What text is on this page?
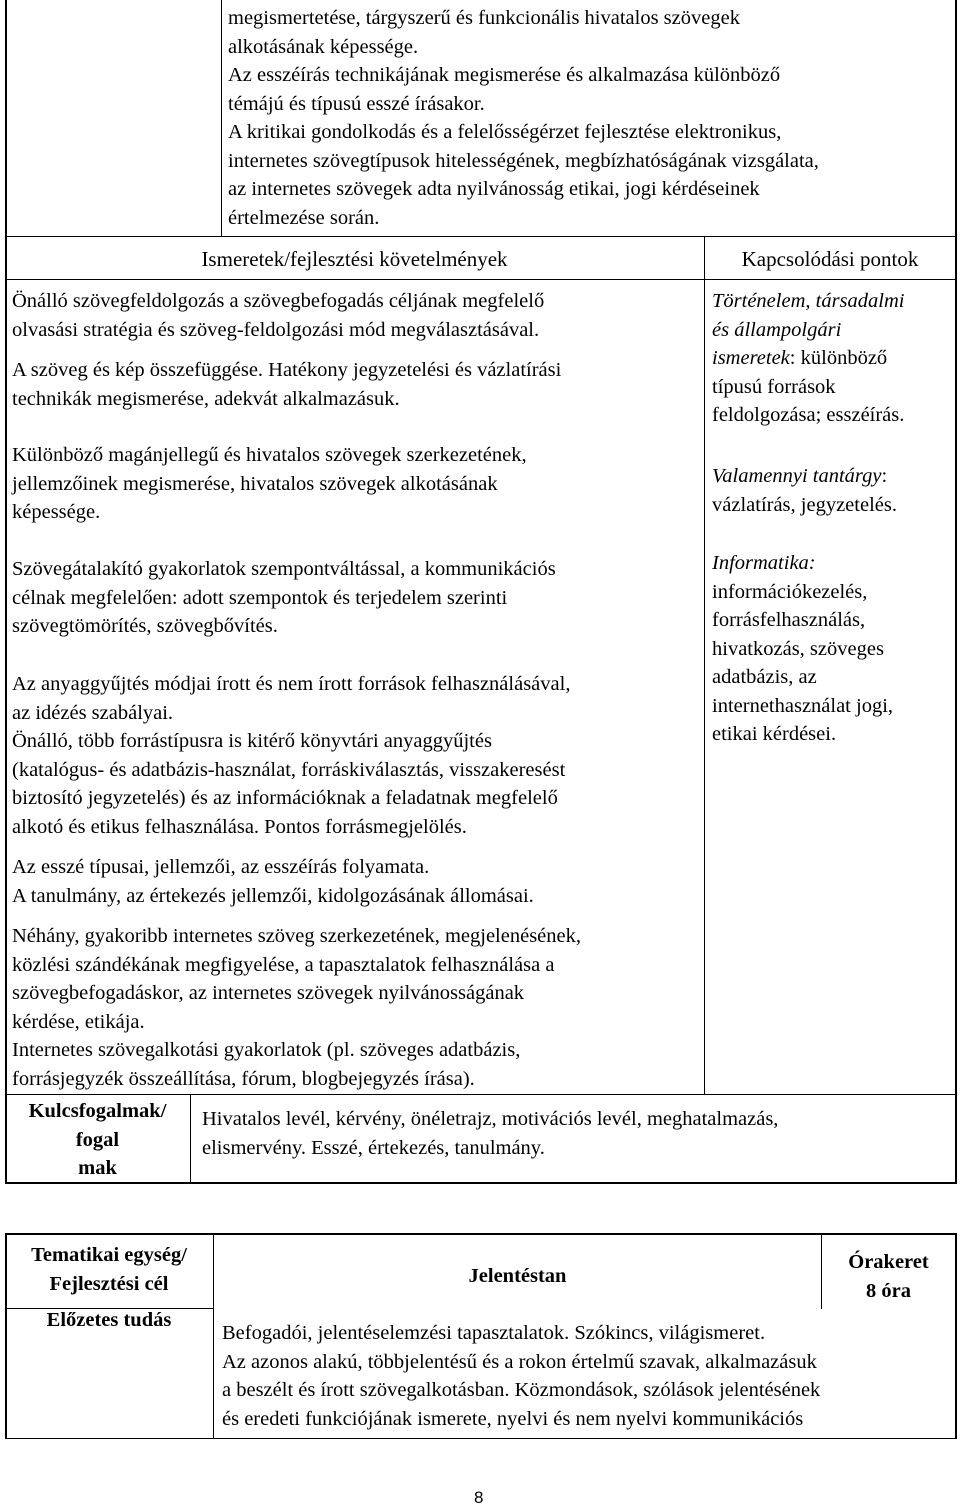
megismertetése, tárgyszerű és funkcionális hivatalos szövegek
alkotásának képessége.
Az esszéírás technikájának megismerése és alkalmazása különböző
témájú és típusú esszé írásakor.
A kritikai gondolkodás és a felelősségérzet fejlesztése elektronikus,
internetes szövegtípusok hitelességének, megbízhatóságának vizsgálata,
az internetes szövegek adta nyilvánosság etikai, jogi kérdéseinek
értelmezése során.
Ismeretek/fejlesztési követelmények	Kapcsolódási pontok
Önálló szövegfeldolgozás a szövegbefogadás céljának megfelelő
olvasási stratégia és szöveg-feldolgozási mód megválasztásával.
A szöveg és kép összefüggése. Hatékony jegyzetelési és vázlatírási
technikák megismerése, adekvát alkalmazásuk.
Különböző magánjellegű és hivatalos szövegek szerkezetének,
jellemzőinek megismerése, hivatalos szövegek alkotásának
képessége.
Szövegátalakító gyakorlatok szempontváltással, a kommunikációs
célnak megfelelően: adott szempontok és terjedelem szerinti
szövegtömörítés, szövegbővítés.
Az anyaggyűjtés módjai írott és nem írott források felhasználásával,
az idézés szabályai.
Önálló, több forrástípusra is kitérő könyvtári anyaggyűjtés
(katalógus- és adatbázis-használat, forráskiválasztás, visszakeresést
biztosító jegyzetelés) és az információknak a feladatnak megfelelő
alkotó és etikus felhasználása. Pontos forrásmegjelölés.
Az esszé típusai, jellemzői, az esszéírás folyamata.
A tanulmány, az értekezés jellemzői, kidolgozásának állomásai.
Néhány, gyakoribb internetes szöveg szerkezetének, megjelenésének,
közlési szándékának megfigyelése, a tapasztalatok felhasználása a
szövegbefogadáskor, az internetes szövegek nyilvánosságának
kérdése, etikája.
Internetes szövegalkotási gyakorlatok (pl. szöveges adatbázis,
forrásjegyzék összeállítása, fórum, blogbejegyzés írása).
Történelem, társadalmi
és állampolgári
ismeretek: különböző
típusú források
feldolgozása; esszéírás.
Valamennyi tantárgy:
vázlatírás, jegyzetelés.
Informatika:
információkezelés,
forrásfelhasználás,
hivatkozás, szöveges
adatbázis, az
internethasználat jogi,
etikai kérdései.
Kulcsfogalmak/
fogal
mak
Hivatalos levél, kérvény, önéletrajz, motivációs levél, meghatalmazás,
elismervény. Esszé, értekezés, tanulmány.
Tematikai egység/
Fejlesztési cél	Jelentéstan
Órakeret
8 óra
Előzetes tudás
Befogadói, jelentéselemzési tapasztalatok. Szókincs, világismeret.
Az azonos alakú, többjelentésű és a rokon értelmű szavak, alkalmazásuk
a beszélt és írott szövegalkotásban. Közmondások, szólások jelentésének
és eredeti funkciójának ismerete, nyelvi és nem nyelvi kommunikációs
8
